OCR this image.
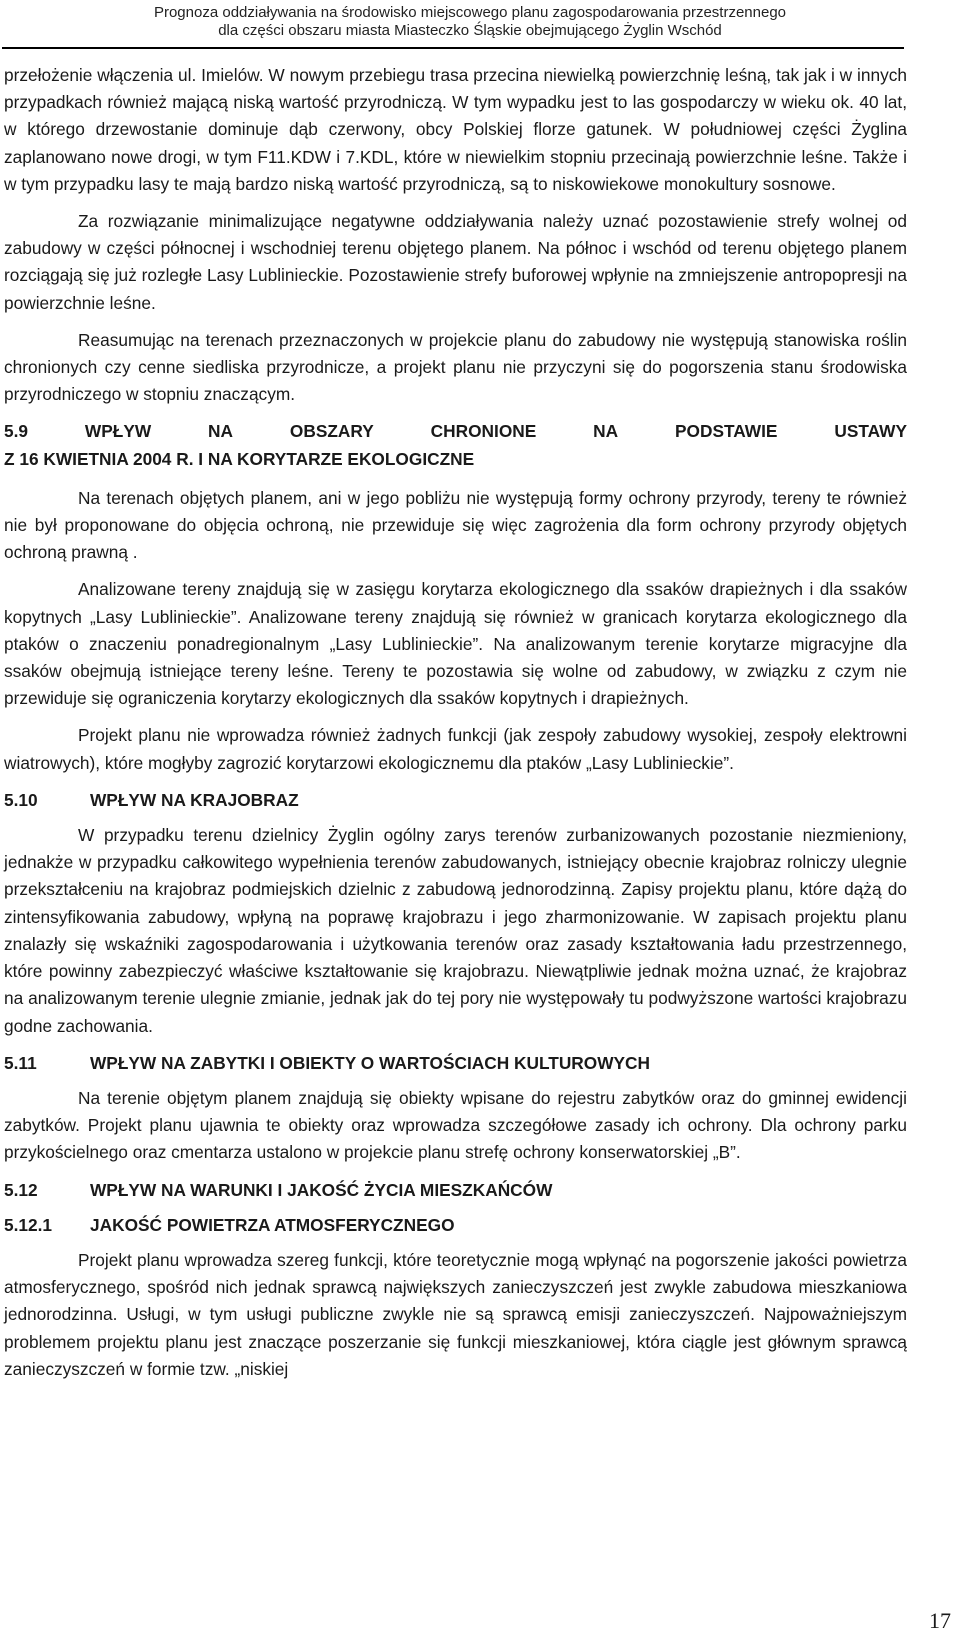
Prognoza oddziaływania na środowisko miejscowego planu zagospodarowania przestrzennego
dla części obszaru miasta Miasteczko Śląskie obejmującego Żyglin Wschód

przełożenie włączenia ul. Imielów. W nowym przebiegu trasa przecina niewielką powierzchnię leśną, tak jak i w innych przypadkach również mającą niską wartość przyrodniczą. W tym wypadku jest to las gospodarczy w wieku ok. 40 lat, w którego drzewostanie dominuje dąb czerwony, obcy Polskiej florze gatunek. W południowej części Żyglina zaplanowano nowe drogi, w tym F11.KDW i 7.KDL, które w niewielkim stopniu przecinają powierzchnie leśne. Także i w tym przypadku lasy te mają bardzo niską wartość przyrodniczą, są to niskowiekowe monokultury sosnowe.

Za rozwiązanie minimalizujące negatywne oddziaływania należy uznać pozostawienie strefy wolnej od zabudowy w części północnej i wschodniej terenu objętego planem. Na północ i wschód od terenu objętego planem rozciągają się już rozległe Lasy Lublinieckie. Pozostawienie strefy buforowej wpłynie na zmniejszenie antropopresji na powierzchnie leśne.

Reasumując na terenach przeznaczonych w projekcie planu do zabudowy nie występują stanowiska roślin chronionych czy cenne siedliska przyrodnicze, a projekt planu nie przyczyni się do pogorszenia stanu środowiska przyrodniczego w stopniu znaczącym.

5.9	WPŁYW	NA	OBSZARY	CHRONIONE	NA	PODSTAWIE	USTAWY
Z 16 KWIETNIA 2004 R. I NA KORYTARZE EKOLOGICZNE

Na terenach objętych planem, ani w jego pobliżu nie występują formy ochrony przyrody, tereny te również nie był proponowane do objęcia ochroną, nie przewiduje się więc zagrożenia dla form ochrony przyrody objętych ochroną prawną .

Analizowane tereny znajdują się w zasięgu korytarza ekologicznego dla ssaków drapieżnych i dla ssaków kopytnych „Lasy Lublinieckie”. Analizowane tereny znajdują się również w granicach korytarza ekologicznego dla ptaków o znaczeniu ponadregionalnym „Lasy Lublinieckie”. Na analizowanym terenie korytarze migracyjne dla ssaków obejmują istniejące tereny leśne. Tereny te pozostawia się wolne od zabudowy, w związku z czym nie przewiduje się ograniczenia korytarzy ekologicznych dla ssaków kopytnych i drapieżnych.

Projekt planu nie wprowadza również żadnych funkcji (jak zespoły zabudowy wysokiej, zespoły elektrowni wiatrowych), które mogłyby zagrozić korytarzowi ekologicznemu dla ptaków „Lasy Lublinieckie”.

5.10	WPŁYW NA KRAJOBRAZ

W przypadku terenu dzielnicy Żyglin ogólny zarys terenów zurbanizowanych pozostanie niezmieniony, jednakże w przypadku całkowitego wypełnienia terenów zabudowanych, istniejący obecnie krajobraz rolniczy ulegnie przekształceniu na krajobraz podmiejskich dzielnic z zabudową jednorodzinną. Zapisy projektu planu, które dążą do zintensyfikowania zabudowy, wpłyną na poprawę krajobrazu i jego zharmonizowanie. W zapisach projektu planu znalazły się wskaźniki zagospodarowania i użytkowania terenów oraz zasady kształtowania ładu przestrzennego, które powinny zabezpieczyć właściwe kształtowanie się krajobrazu. Niewątpliwie jednak można uznać, że krajobraz na analizowanym terenie ulegnie zmianie, jednak jak do tej pory nie występowały tu podwyższone wartości krajobrazu godne zachowania.

5.11	WPŁYW NA ZABYTKI I OBIEKTY O WARTOŚCIACH KULTUROWYCH

Na terenie objętym planem znajdują się obiekty wpisane do rejestru zabytków oraz do gminnej ewidencji zabytków. Projekt planu ujawnia te obiekty oraz wprowadza szczegółowe zasady ich ochrony. Dla ochrony parku przykościelnego oraz cmentarza ustalono w projekcie planu strefę ochrony konserwatorskiej „B”.

5.12	WPŁYW NA WARUNKI I JAKOŚĆ ŻYCIA MIESZKAŃCÓW
5.12.1	JAKOŚĆ POWIETRZA ATMOSFERYCZNEGO

Projekt planu wprowadza szereg funkcji, które teoretycznie mogą wpłynąć na pogorszenie jakości powietrza atmosferycznego, spośród nich jednak sprawcą największych zanieczyszczeń jest zwykle zabudowa mieszkaniowa jednorodzinna. Usługi, w tym usługi publiczne zwykle nie są sprawcą emisji zanieczyszczeń. Najpoważniejszym problemem projektu planu jest znaczące poszerzanie się funkcji mieszkaniowej, która ciągle jest głównym sprawcą zanieczyszczeń w formie tzw. „niskiej

17
